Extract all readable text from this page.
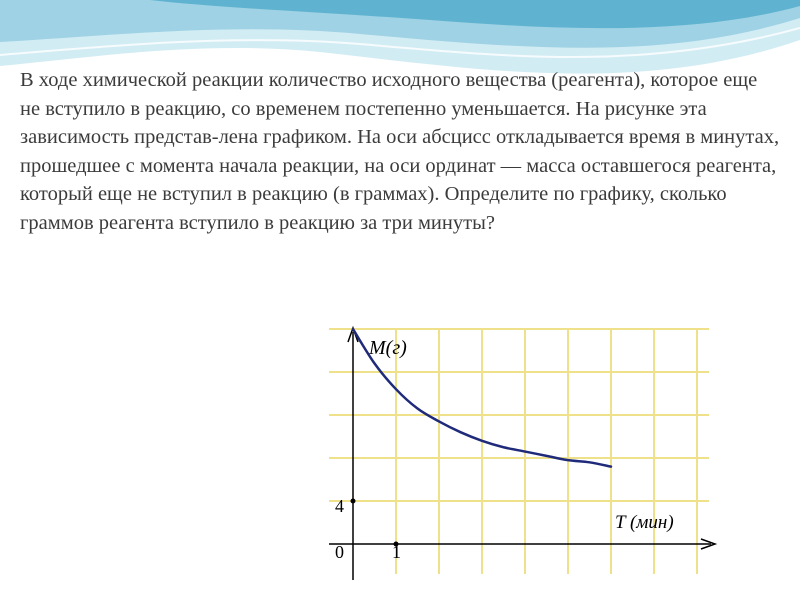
В ходе химической реакции количество исходного вещества (реагента), которое еще не вступило в реакцию, со временем постепенно уменьшается. На рисунке эта зависимость представ-лена графиком. На оси абсцисс откладывается время в минутах, прошедшее с момента начала реакции, на оси ординат — масса оставшегося реагента, который еще не вступил в реакцию (в граммах). Определите по графику, сколько граммов реагента вступило в реакцию за три минуты?

M(г)
T (мин)
0	1
4
